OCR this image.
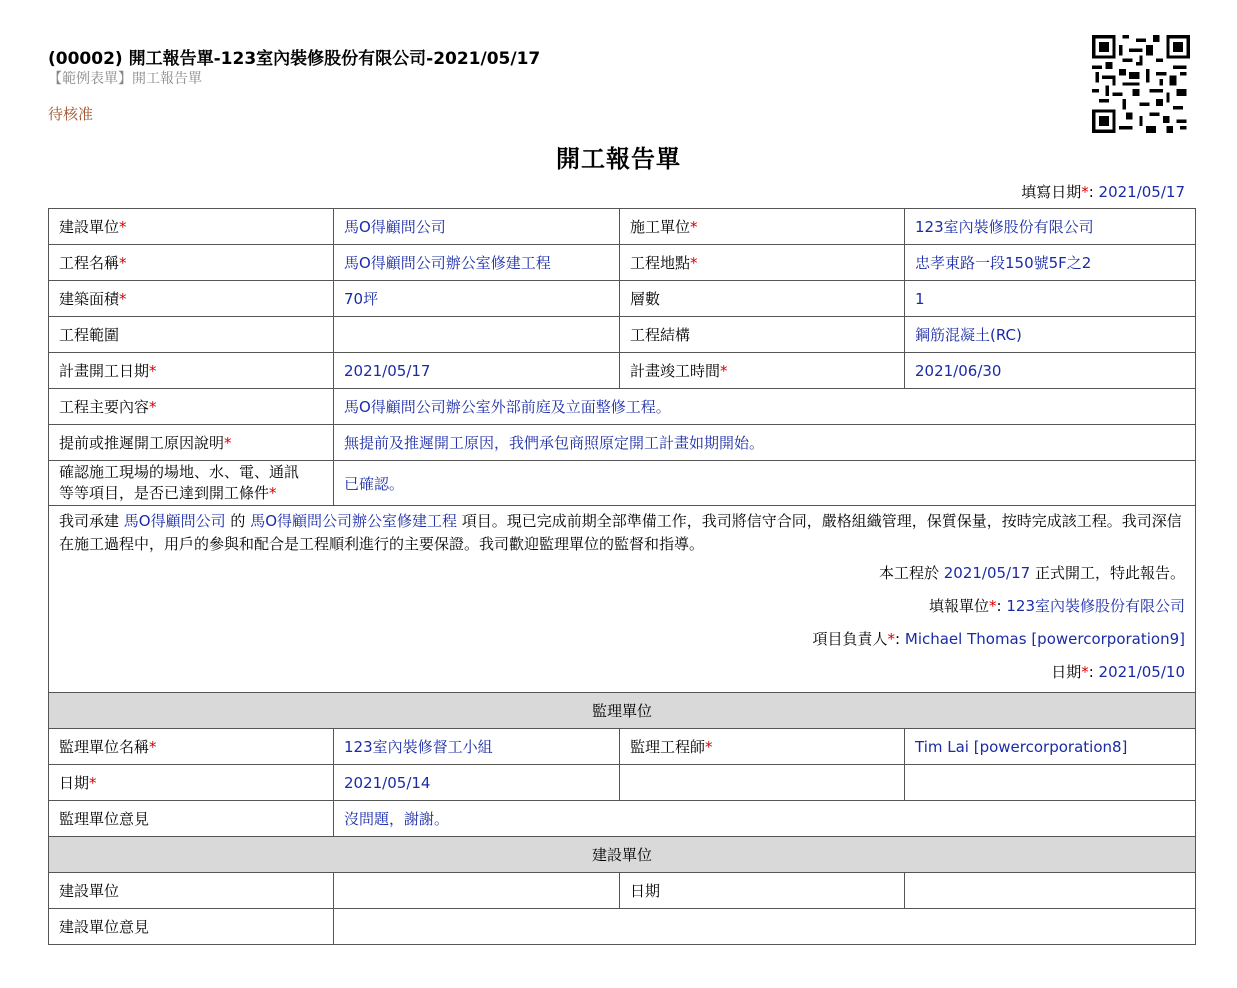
(00002) 開工報告單-123室內裝修股份有限公司-2021/05/17
【範例表單】開工報告單
待核准
開工報告單
填寫日期*: 2021/05/17
建設單位*	馬O得顧問公司	施工單位*	123室內裝修股份有限公司
工程名稱*	馬O得顧問公司辦公室修建工程	工程地點*	忠孝東路一段150號5F之2
建築面積*	70坪	層數	1
工程範圍		工程結構	鋼筋混凝土(RC)
計畫開工日期*	2021/05/17	計畫竣工時間*	2021/06/30
工程主要內容*	馬O得顧問公司辦公室外部前庭及立面整修工程。		
提前或推遲開工原因說明*	無提前及推遲開工原因，我們承包商照原定開工計畫如期開始。		
確認施工現場的場地、水、電、通訊
等等項目，是否已達到開工條件*	已確認。		

我司承建 馬O得顧問公司 的 馬O得顧問公司辦公室修建工程 項目。現已完成前期全部準備工作，我司將信守合同，嚴格組織管理，保質保量，按時完成該工程。我司深信在施工過程中，用戶的參與和配合是工程順利進行的主要保證。我司歡迎監理單位的監督和指導。

本工程於 2021/05/17 正式開工，特此報告。
填報單位*: 123室內裝修股份有限公司
項目負責人*: Michael Thomas [powercorporation9]
日期*: 2021/05/10			

監理單位			
監理單位名稱*	123室內裝修督工小組	監理工程師*	Tim Lai [powercorporation8]
日期*	2021/05/14		
監理單位意見	沒問題，謝謝。		
建設單位			
建設單位		日期	
建設單位意見			
